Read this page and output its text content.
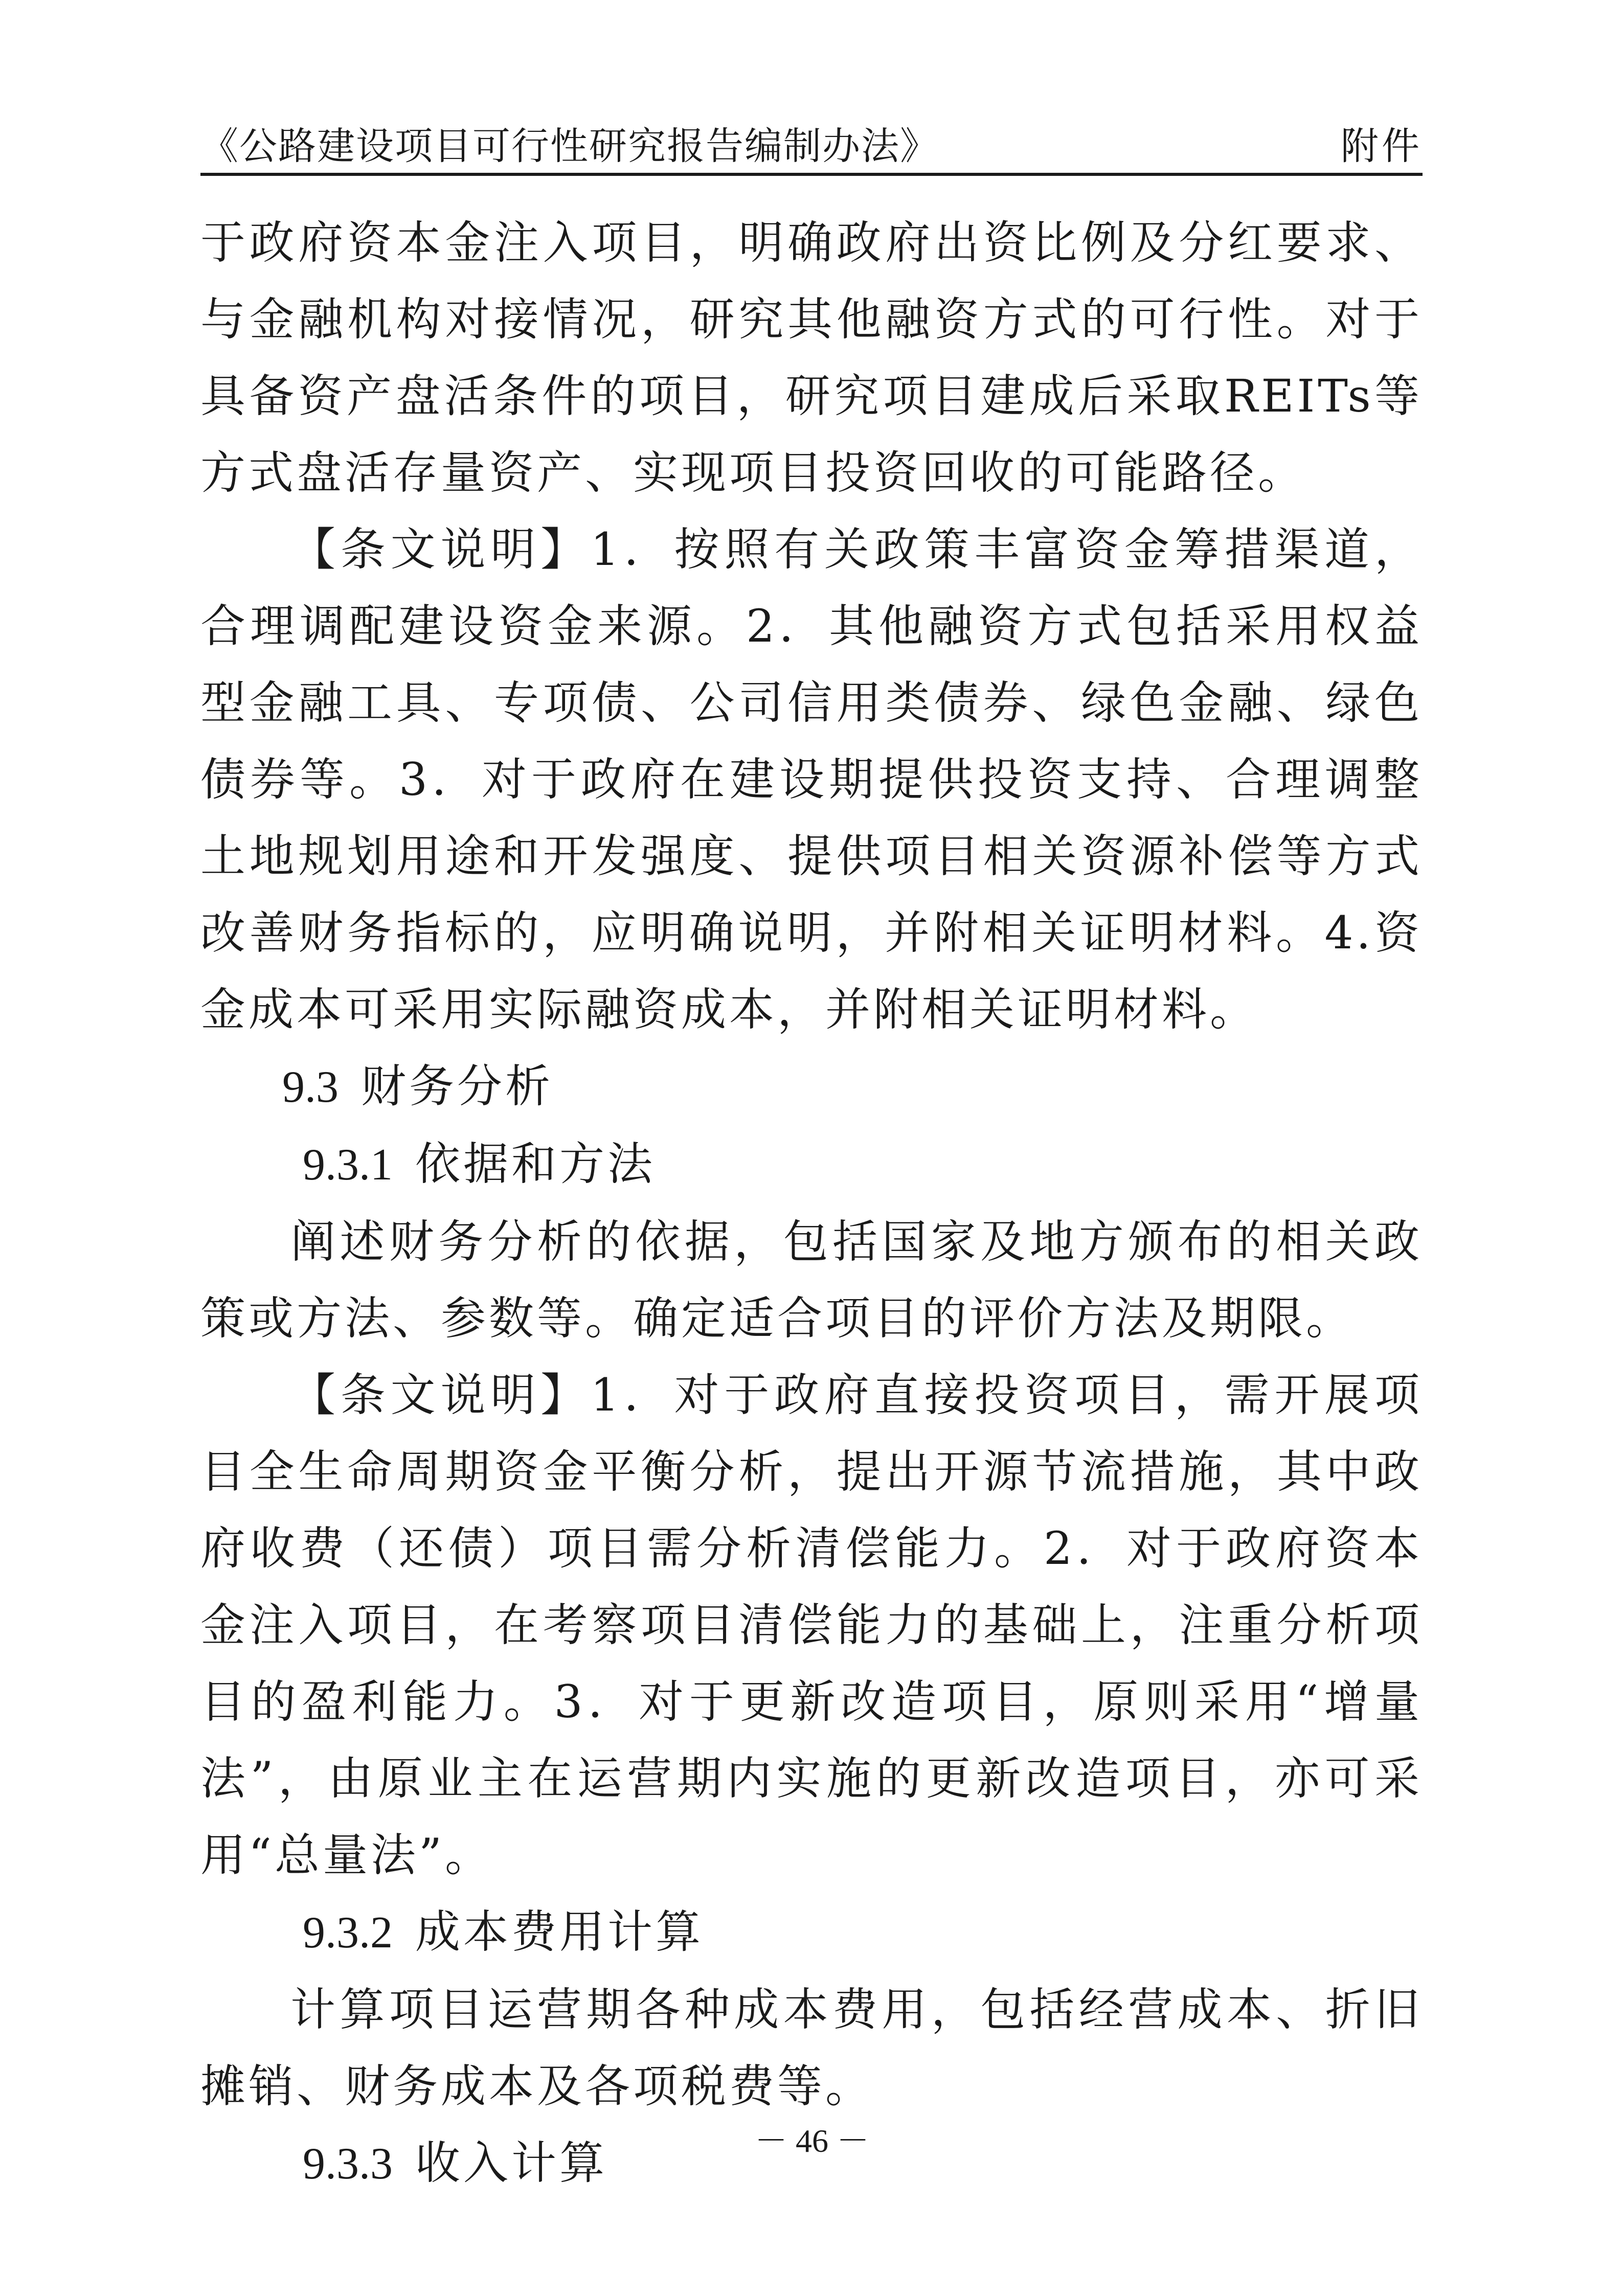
《公路建设项目可行性研究报告编制办法》	附件

于政府资本金注入项目，明确政府出资比例及分红要求、与金融机构对接情况，研究其他融资方式的可行性。对于具备资产盘活条件的项目，研究项目建成后采取REITs等方式盘活存量资产、实现项目投资回收的可能路径。

【条文说明】1．按照有关政策丰富资金筹措渠道，合理调配建设资金来源。2．其他融资方式包括采用权益型金融工具、专项债、公司信用类债券、绿色金融、绿色债券等。3．对于政府在建设期提供投资支持、合理调整土地规划用途和开发强度、提供项目相关资源补偿等方式改善财务指标的，应明确说明，并附相关证明材料。4.资金成本可采用实际融资成本，并附相关证明材料。

9.3 财务分析

9.3.1 依据和方法

阐述财务分析的依据，包括国家及地方颁布的相关政策或方法、参数等。确定适合项目的评价方法及期限。

【条文说明】1．对于政府直接投资项目，需开展项目全生命周期资金平衡分析，提出开源节流措施，其中政府收费（还债）项目需分析清偿能力。2．对于政府资本金注入项目，在考察项目清偿能力的基础上，注重分析项目的盈利能力。3．对于更新改造项目，原则采用“增量法”，由原业主在运营期内实施的更新改造项目，亦可采用“总量法”。

9.3.2 成本费用计算

计算项目运营期各种成本费用，包括经营成本、折旧摊销、财务成本及各项税费等。

9.3.3 收入计算	－ 46 －
